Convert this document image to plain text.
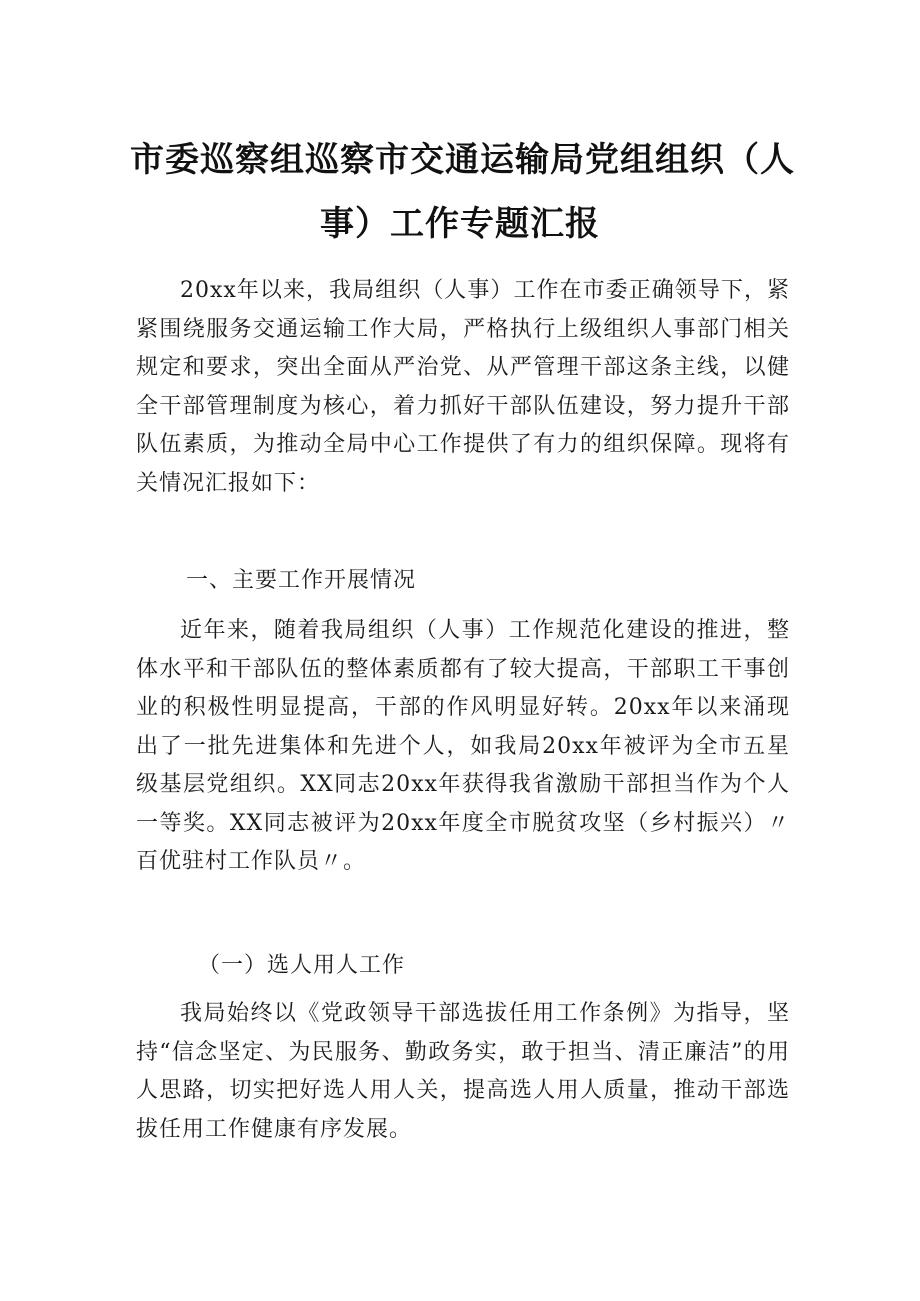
市委巡察组巡察市交通运输局党组组织（人
事）工作专题汇报

20xx年以来，我局组织（人事）工作在市委正确领导下，紧紧围绕服务交通运输工作大局，严格执行上级组织人事部门相关规定和要求，突出全面从严治党、从严管理干部这条主线，以健全干部管理制度为核心，着力抓好干部队伍建设，努力提升干部队伍素质，为推动全局中心工作提供了有力的组织保障。现将有关情况汇报如下：

一、主要工作开展情况

近年来，随着我局组织（人事）工作规范化建设的推进，整体水平和干部队伍的整体素质都有了较大提高，干部职工干事创业的积极性明显提高，干部的作风明显好转。20xx年以来涌现出了一批先进集体和先进个人，如我局20xx年被评为全市五星级基层党组织。XX同志20xx年获得我省激励干部担当作为个人一等奖。XX同志被评为20xx年度全市脱贫攻坚（乡村振兴）〃百优驻村工作队员〃。

（一）选人用人工作

我局始终以《党政领导干部选拔任用工作条例》为指导，坚持“信念坚定、为民服务、勤政务实，敢于担当、清正廉洁”的用人思路，切实把好选人用人关，提高选人用人质量，推动干部选拔任用工作健康有序发展。
